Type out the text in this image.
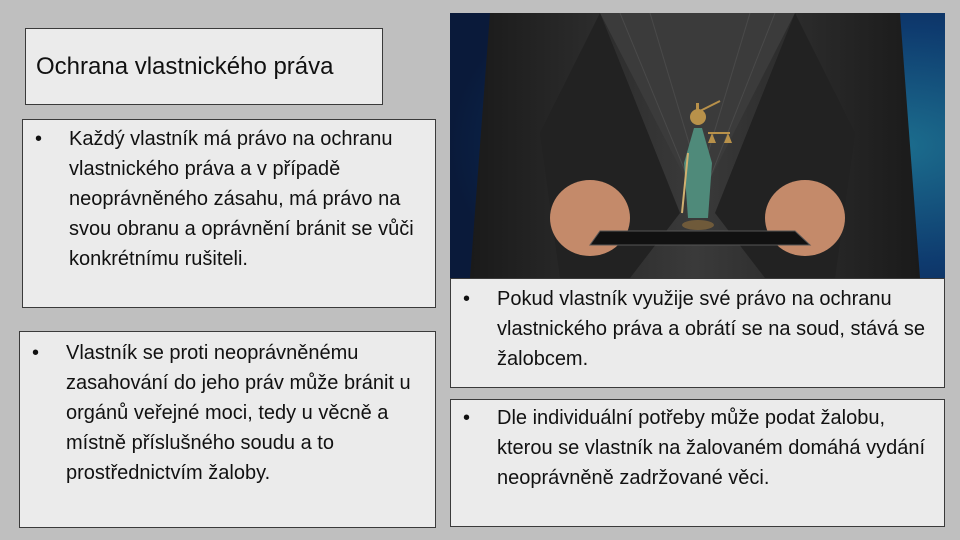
Ochrana vlastnického práva
• Každý vlastník má právo na ochranu vlastnického práva a v případě neoprávněného zásahu, má právo na svou obranu a oprávnění bránit se vůči konkrétnímu rušiteli.
• Vlastník se proti neoprávněnému zasahování do jeho práv může bránit u orgánů veřejné moci, tedy u věcně a místně příslušného soudu a to prostřednictvím žaloby.
• Pokud vlastník využije své právo na ochranu vlastnického práva a obrátí se na soud, stává se žalobcem.
• Dle individuální potřeby může podat žalobu, kterou se vlastník na žalovaném domáhá vydání neoprávněně zadržované věci.
